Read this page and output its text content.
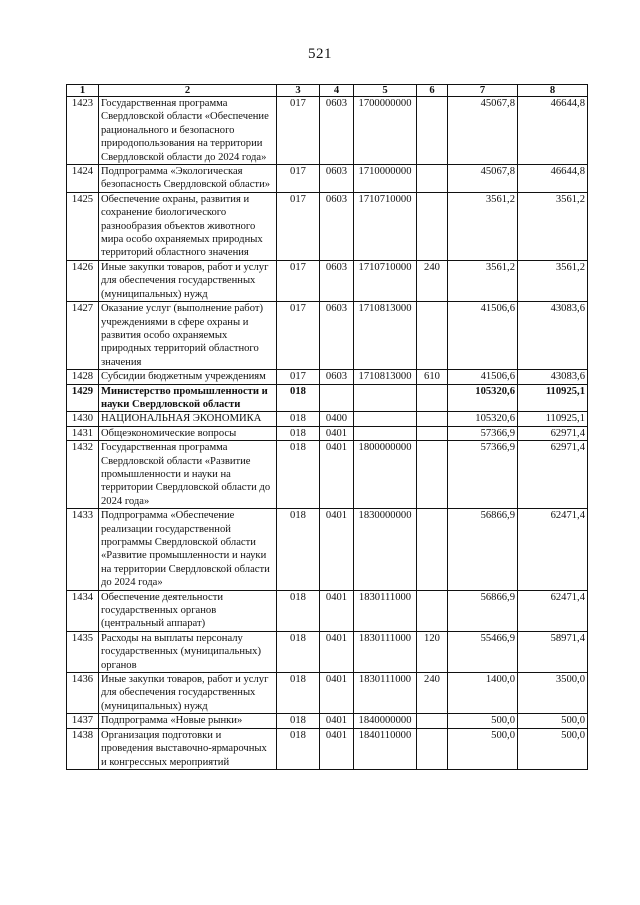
521
1	2	3	4	5	6	7	8
1423	Государственная программа Свердловской области «Обеспечение рационального и безопасного природопользования на территории Свердловской области до 2024 года»	017	0603	1700000000		45067,8	46644,8
1424	Подпрограмма «Экологическая безопасность Свердловской области»	017	0603	1710000000		45067,8	46644,8
1425	Обеспечение охраны, развития и сохранение биологического разнообразия объектов животного мира особо охраняемых природных территорий областного значения	017	0603	1710710000		3561,2	3561,2
1426	Иные закупки товаров, работ и услуг для обеспечения государственных (муниципальных) нужд	017	0603	1710710000	240	3561,2	3561,2
1427	Оказание услуг (выполнение работ) учреждениями в сфере охраны и развития особо охраняемых природных территорий областного значения	017	0603	1710813000		41506,6	43083,6
1428	Субсидии бюджетным учреждениям	017	0603	1710813000	610	41506,6	43083,6
1429	Министерство промышленности и науки Свердловской области	018				105320,6	110925,1
1430	НАЦИОНАЛЬНАЯ ЭКОНОМИКА	018	0400			105320,6	110925,1
1431	Общеэкономические вопросы	018	0401			57366,9	62971,4
1432	Государственная программа Свердловской области «Развитие промышленности и науки на территории Свердловской области до 2024 года»	018	0401	1800000000		57366,9	62971,4
1433	Подпрограмма «Обеспечение реализации государственной программы Свердловской области «Развитие промышленности и науки на территории Свердловской области до 2024 года»	018	0401	1830000000		56866,9	62471,4
1434	Обеспечение деятельности государственных органов (центральный аппарат)	018	0401	1830111000		56866,9	62471,4
1435	Расходы на выплаты персоналу государственных (муниципальных) органов	018	0401	1830111000	120	55466,9	58971,4
1436	Иные закупки товаров, работ и услуг для обеспечения государственных (муниципальных) нужд	018	0401	1830111000	240	1400,0	3500,0
1437	Подпрограмма «Новые рынки»	018	0401	1840000000		500,0	500,0
1438	Организация подготовки и проведения выставочно-ярмарочных и конгрессных мероприятий	018	0401	1840110000		500,0	500,0
